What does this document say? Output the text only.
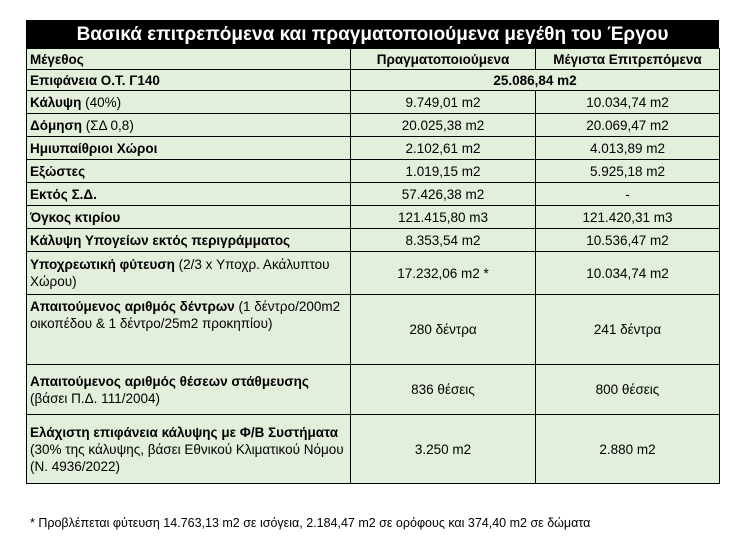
Βασικά επιτρεπόμενα και πραγματοποιούμενα μεγέθη του Έργου
Μέγεθος	Πραγματοποιούμενα	Μέγιστα Επιτρεπόμενα
Επιφάνεια Ο.Τ. Γ140	25.086,84 m2	
Κάλυψη (40%)	9.749,01 m2	10.034,74 m2
Δόμηση (ΣΔ 0,8)	20.025,38 m2	20.069,47 m2
Ημιυπαίθριοι Χώροι	2.102,61 m2	4.013,89 m2
Εξώστες	1.019,15 m2	5.925,18 m2
Εκτός Σ.Δ.	57.426,38 m2	-
Όγκος κτιρίου	121.415,80 m3	121.420,31 m3
Κάλυψη Υπογείων εκτός περιγράμματος	8.353,54 m2	10.536,47 m2
Υποχρεωτική φύτευση (2/3 x Υποχρ. Ακάλυπτου Χώρου)	17.232,06 m2 *	10.034,74 m2
Απαιτούμενος αριθμός δέντρων (1 δέντρο/200m2 οικοπέδου & 1 δέντρο/25m2 προκηπίου)	280 δέντρα	241 δέντρα
Απαιτούμενος αριθμός θέσεων στάθμευσης
(βάσει Π.Δ. 111/2004)	836 θέσεις	800 θέσεις
Ελάχιστη επιφάνεια κάλυψης με Φ/Β Συστήματα
(30% της κάλυψης, βάσει Εθνικού Κλιματικού Νόμου (Ν. 4936/2022)	3.250 m2	2.880 m2
* Προβλέπεται φύτευση 14.763,13 m2 σε ισόγεια, 2.184,47 m2 σε ορόφους και 374,40 m2 σε δώματα
